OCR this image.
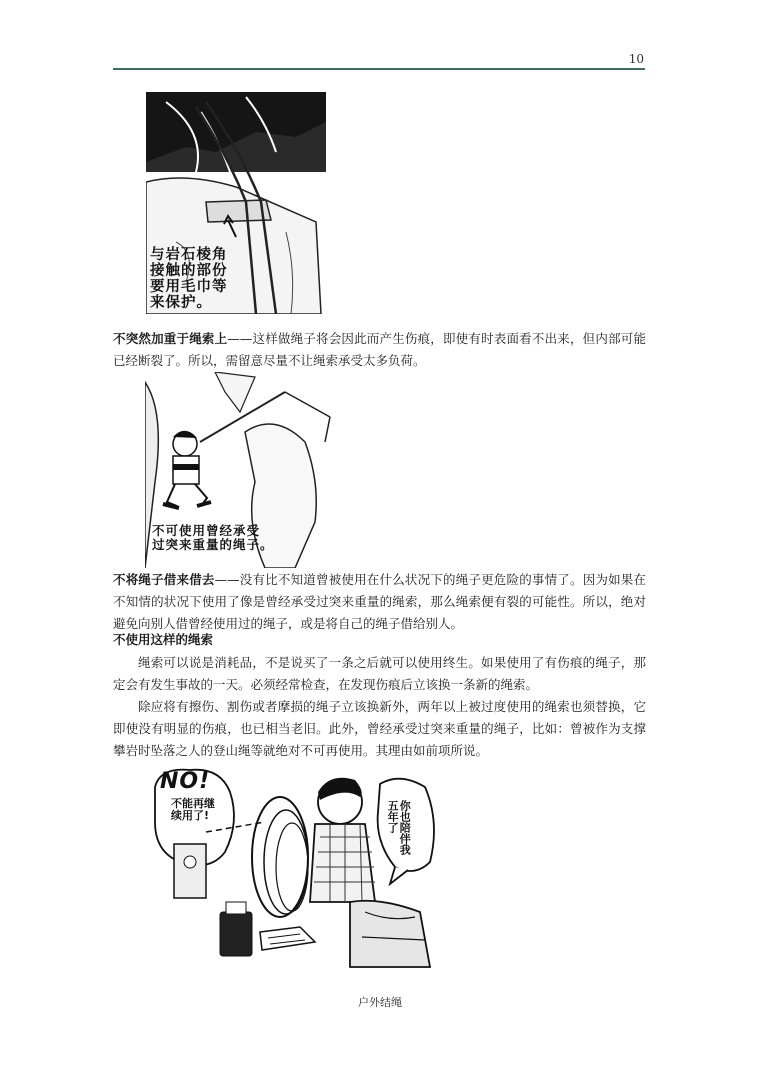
10
与岩石棱角
接触的部份
要用毛巾等
来保护。

不突然加重于绳索上——这样做绳子将会因此而产生伤痕，即使有时表面看不出来，但内部可能已经断裂了。所以，需留意尽量不让绳索承受太多负荷。

不可使用曾经承受
过突来重量的绳子。

不将绳子借来借去——没有比不知道曾被使用在什么状况下的绳子更危险的事情了。因为如果在不知情的状况下使用了像是曾经承受过突来重量的绳索，那么绳索便有裂的可能性。所以，绝对避免向别人借曾经使用过的绳子，或是将自己的绳子借给别人。

不使用这样的绳索

绳索可以说是消耗品，不是说买了一条之后就可以使用终生。如果使用了有伤痕的绳子，那定会有发生事故的一天。必须经常检查，在发现伤痕后立该换一条新的绳索。

除应将有擦伤、割伤或者摩损的绳子立该换新外，两年以上被过度使用的绳索也须替换，它即使没有明显的伤痕，也已相当老旧。此外，曾经承受过突来重量的绳子，比如：曾被作为支撑攀岩时坠落之人的登山绳等就绝对不可再使用。其理由如前项所说。

NO!
不能再继
续用了!	你也陪伴我
五年了
户外结绳
